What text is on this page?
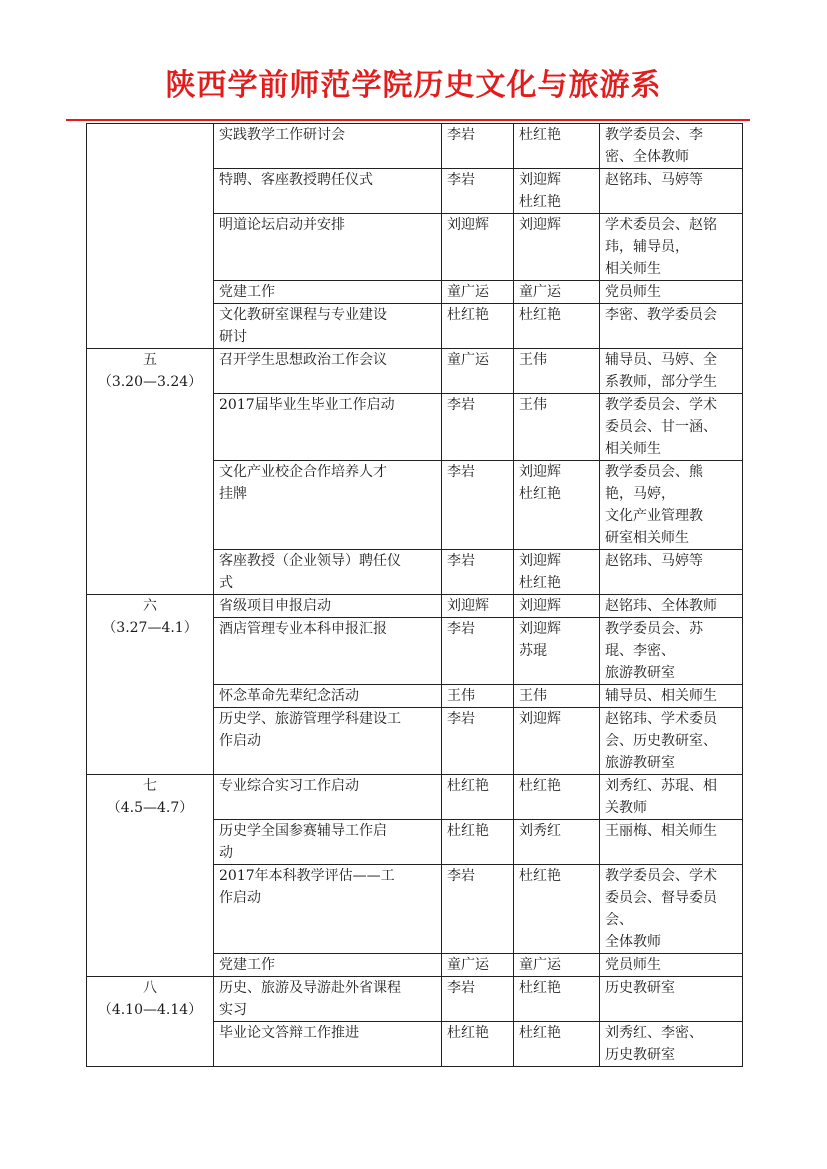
陕西学前师范学院历史文化与旅游系

	实践教学工作研讨会	李岩	杜红艳	教学委员会、李
密、全体教师

	特聘、客座教授聘任仪式	李岩	刘迎辉
杜红艳	赵铭玮、马婷等

	明道论坛启动并安排	刘迎辉	刘迎辉	学术委员会、赵铭
玮，辅导员，
相关师生

	党建工作	童广运	童广运	党员师生

	文化教研室课程与专业建设
研讨	杜红艳	杜红艳	李密、教学委员会

五
（3.20—3.24）	召开学生思想政治工作会议	童广运	王伟	辅导员、马婷、全
系教师，部分学生

	2017届毕业生毕业工作启动	李岩	王伟	教学委员会、学术
委员会、甘一涵、
相关师生

	文化产业校企合作培养人才
挂牌	李岩	刘迎辉
杜红艳	教学委员会、熊
艳，马婷，
文化产业管理教
研室相关师生

	客座教授（企业领导）聘任仪
式	李岩	刘迎辉
杜红艳	赵铭玮、马婷等

六
（3.27—4.1）	省级项目申报启动	刘迎辉	刘迎辉	赵铭玮、全体教师

	酒店管理专业本科申报汇报	李岩	刘迎辉
苏琨	教学委员会、苏
琨、李密、
旅游教研室

	怀念革命先辈纪念活动	王伟	王伟	辅导员、相关师生

	历史学、旅游管理学科建设工
作启动	李岩	刘迎辉	赵铭玮、学术委员
会、历史教研室、
旅游教研室

七
（4.5—4.7）	专业综合实习工作启动	杜红艳	杜红艳	刘秀红、苏琨、相
关教师

	历史学全国参赛辅导工作启
动	杜红艳	刘秀红	王丽梅、相关师生

	2017年本科教学评估——工
作启动	李岩	杜红艳	教学委员会、学术
委员会、督导委员
会、
全体教师

	党建工作	童广运	童广运	党员师生

八
（4.10—4.14）	历史、旅游及导游赴外省课程
实习	李岩	杜红艳	历史教研室

	毕业论文答辩工作推进	杜红艳	杜红艳	刘秀红、李密、
历史教研室
